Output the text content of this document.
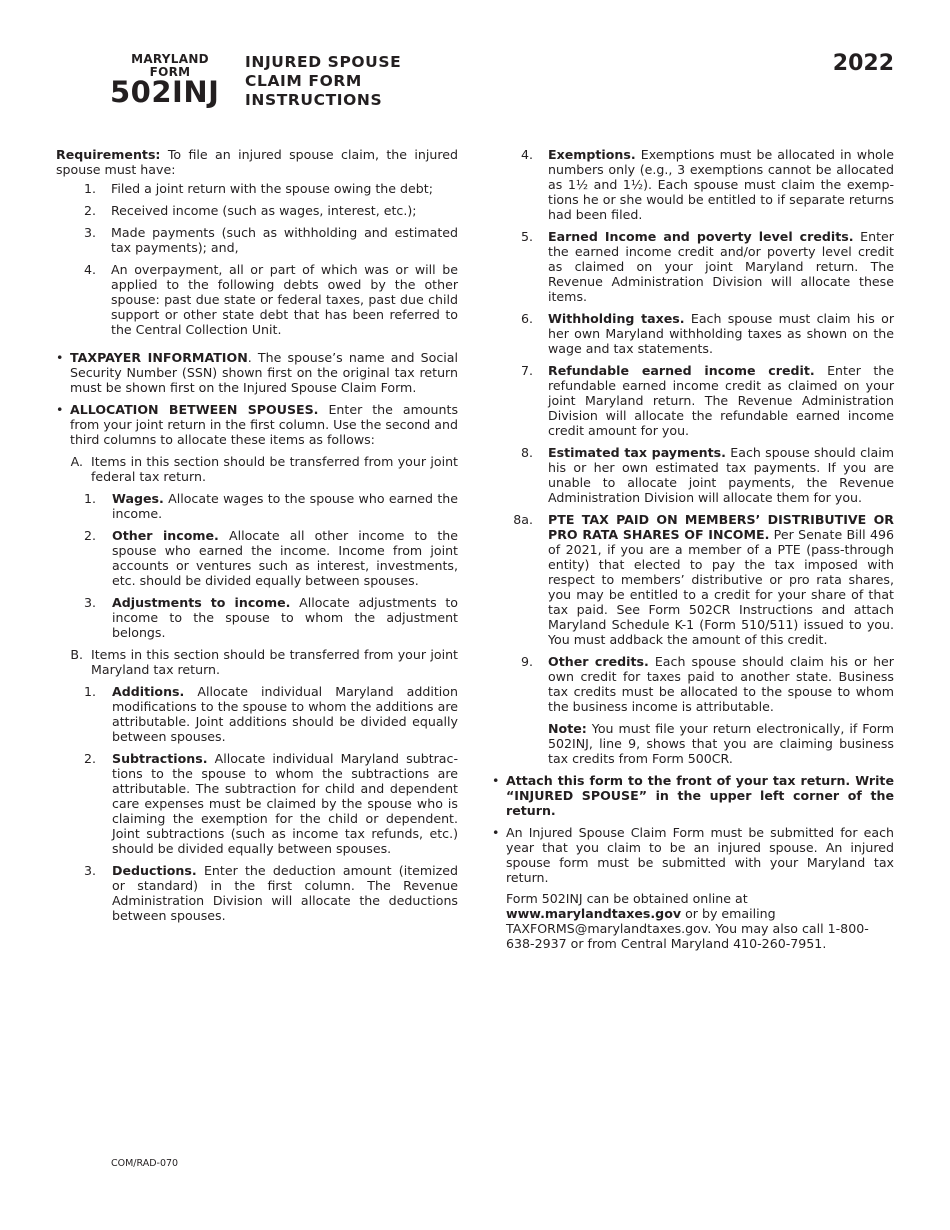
MARYLAND
FORM
502INJ
INJURED SPOUSE
CLAIM FORM
INSTRUCTIONS
2022
Requirements: To file an injured spouse claim, the injured spouse must have:
1. Filed a joint return with the spouse owing the debt;
2. Received income (such as wages, interest, etc.);
3. Made payments (such as withholding and estimated tax payments); and,
4. An overpayment, all or part of which was or will be applied to the following debts owed by the other spouse: past due state or federal taxes, past due child support or other state debt that has been referred to the Central Collection Unit.
• TAXPAYER INFORMATION. The spouse’s name and Social Security Number (SSN) shown first on the original tax return must be shown first on the Injured Spouse Claim Form.
• ALLOCATION BETWEEN SPOUSES. Enter the amounts from your joint return in the first column. Use the second and third columns to allocate these items as follows:
A. Items in this section should be transferred from your joint federal tax return.
1. Wages. Allocate wages to the spouse who earned the income.
2. Other income. Allocate all other income to the spouse who earned the income. Income from joint accounts or ventures such as interest, investments, etc. should be divided equally between spouses.
3. Adjustments to income. Allocate adjustments to income to the spouse to whom the adjustment belongs.
B. Items in this section should be transferred from your joint Maryland tax return.
1. Additions. Allocate individual Maryland addition modifications to the spouse to whom the additions are attributable. Joint additions should be divided equally between spouses.
2. Subtractions. Allocate individual Maryland subtractions to the spouse to whom the subtractions are attributable. The subtraction for child and dependent care expenses must be claimed by the spouse who is claiming the exemption for the child or dependent. Joint subtractions (such as income tax refunds, etc.) should be divided equally between spouses.
3. Deductions. Enter the deduction amount (itemized or standard) in the first column. The Revenue Administration Division will allocate the deductions between spouses.
4. Exemptions. Exemptions must be allocated in whole numbers only (e.g., 3 exemptions cannot be allocated as 1½ and 1½). Each spouse must claim the exemptions he or she would be entitled to if separate returns had been filed.
5. Earned Income and poverty level credits. Enter the earned income credit and/or poverty level credit as claimed on your joint Maryland return. The Revenue Administration Division will allocate these items.
6. Withholding taxes. Each spouse must claim his or her own Maryland withholding taxes as shown on the wage and tax statements.
7. Refundable earned income credit. Enter the refundable earned income credit as claimed on your joint Maryland return. The Revenue Administration Division will allocate the refundable earned income credit amount for you.
8. Estimated tax payments. Each spouse should claim his or her own estimated tax payments. If you are unable to allocate joint payments, the Revenue Administration Division will allocate them for you.
8a. PTE TAX PAID ON MEMBERS’ DISTRIBUTIVE OR PRO RATA SHARES OF INCOME. Per Senate Bill 496 of 2021, if you are a member of a PTE (pass-through entity) that elected to pay the tax imposed with respect to members’ distributive or pro rata shares, you may be entitled to a credit for your share of that tax paid. See Form 502CR Instructions and attach Maryland Schedule K-1 (Form 510/511) issued to you. You must addback the amount of this credit.
9. Other credits. Each spouse should claim his or her own credit for taxes paid to another state. Business tax credits must be allocated to the spouse to whom the business income is attributable.
Note: You must file your return electronically, if Form 502INJ, line 9, shows that you are claiming business tax credits from Form 500CR.
• Attach this form to the front of your tax return. Write “INJURED SPOUSE” in the upper left corner of the return.
• An Injured Spouse Claim Form must be submitted for each year that you claim to be an injured spouse. An injured spouse form must be submitted with your Maryland tax return.
Form 502INJ can be obtained online at
www.marylandtaxes.gov or by emailing
TAXFORMS@marylandtaxes.gov. You may also call 1-800-638-2937 or from Central Maryland 410-260-7951.
COM/RAD-070
